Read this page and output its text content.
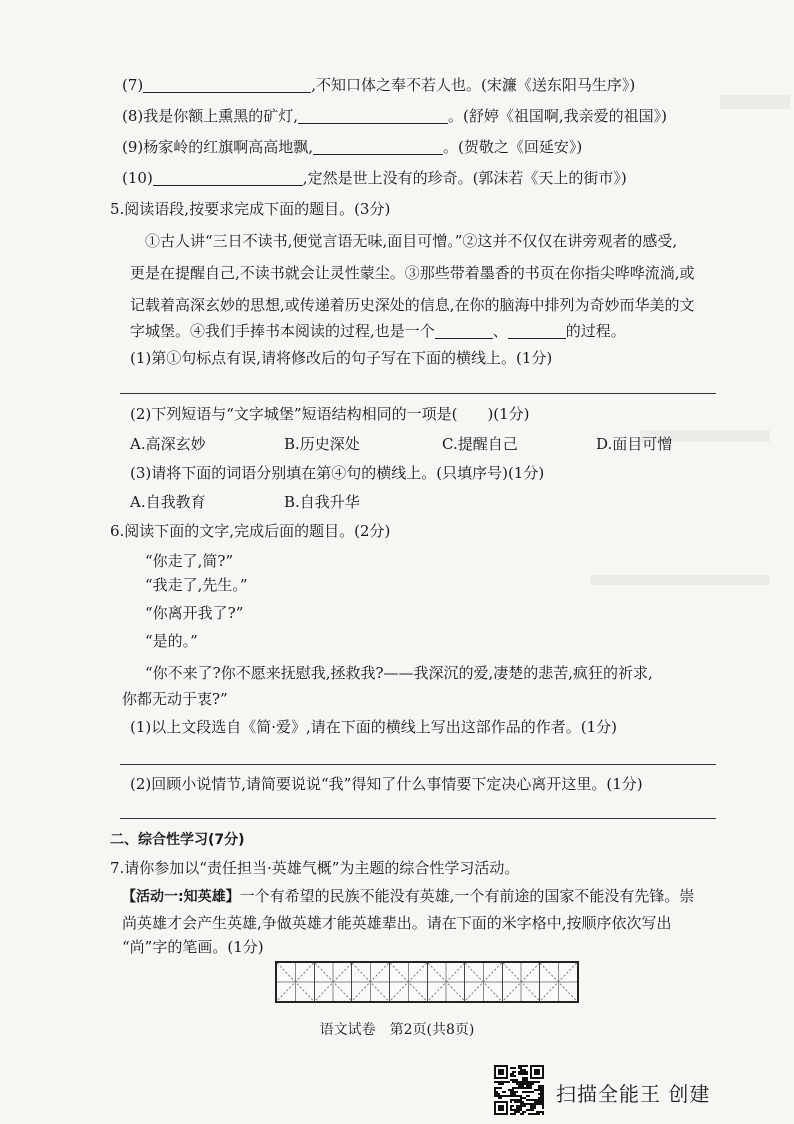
(7)	,不知口体之奉不若人也。(宋濂《送东阳马生序》)
(8)我是你额上熏黑的矿灯,	。(舒婷《祖国啊,我亲爱的祖国》)
(9)杨家岭的红旗啊高高地飘,	。(贺敬之《回延安》)
(10)	,定然是世上没有的珍奇。(郭沫若《天上的街市》)
5.阅读语段,按要求完成下面的题目。(3分)
①古人讲“三日不读书,便觉言语无味,面目可憎。”②这并不仅仅在讲旁观者的感受,
更是在提醒自己,不读书就会让灵性蒙尘。③那些带着墨香的书页在你指尖哗哗流淌,或
记载着高深玄妙的思想,或传递着历史深处的信息,在你的脑海中排列为奇妙而华美的文
字城堡。④我们手捧书本阅读的过程,也是一个	、	的过程。
(1)第①句标点有误,请将修改后的句子写在下面的横线上。(1分)
(2)下列短语与“文字城堡”短语结构相同的一项是(　　)(1分)
A.高深玄妙	B.历史深处	C.提醒自己	D.面目可憎
(3)请将下面的词语分别填在第④句的横线上。(只填序号)(1分)
A.自我教育	B.自我升华
6.阅读下面的文字,完成后面的题目。(2分)
“你走了,简?”
“我走了,先生。”
“你离开我了?”
“是的。”
“你不来了?你不愿来抚慰我,拯救我?——我深沉的爱,凄楚的悲苦,疯狂的祈求,
你都无动于衷?”
(1)以上文段选自《简·爱》,请在下面的横线上写出这部作品的作者。(1分)
(2)回顾小说情节,请简要说说“我”得知了什么事情要下定决心离开这里。(1分)
二、综合性学习(7分)
7.请你参加以“责任担当·英雄气概”为主题的综合性学习活动。
【活动一:知英雄】一个有希望的民族不能没有英雄,一个有前途的国家不能没有先锋。崇
尚英雄才会产生英雄,争做英雄才能英雄辈出。请在下面的米字格中,按顺序依次写出
“尚”字的笔画。(1分)
语文试卷　第2页(共8页)
扫描全能王 创建
